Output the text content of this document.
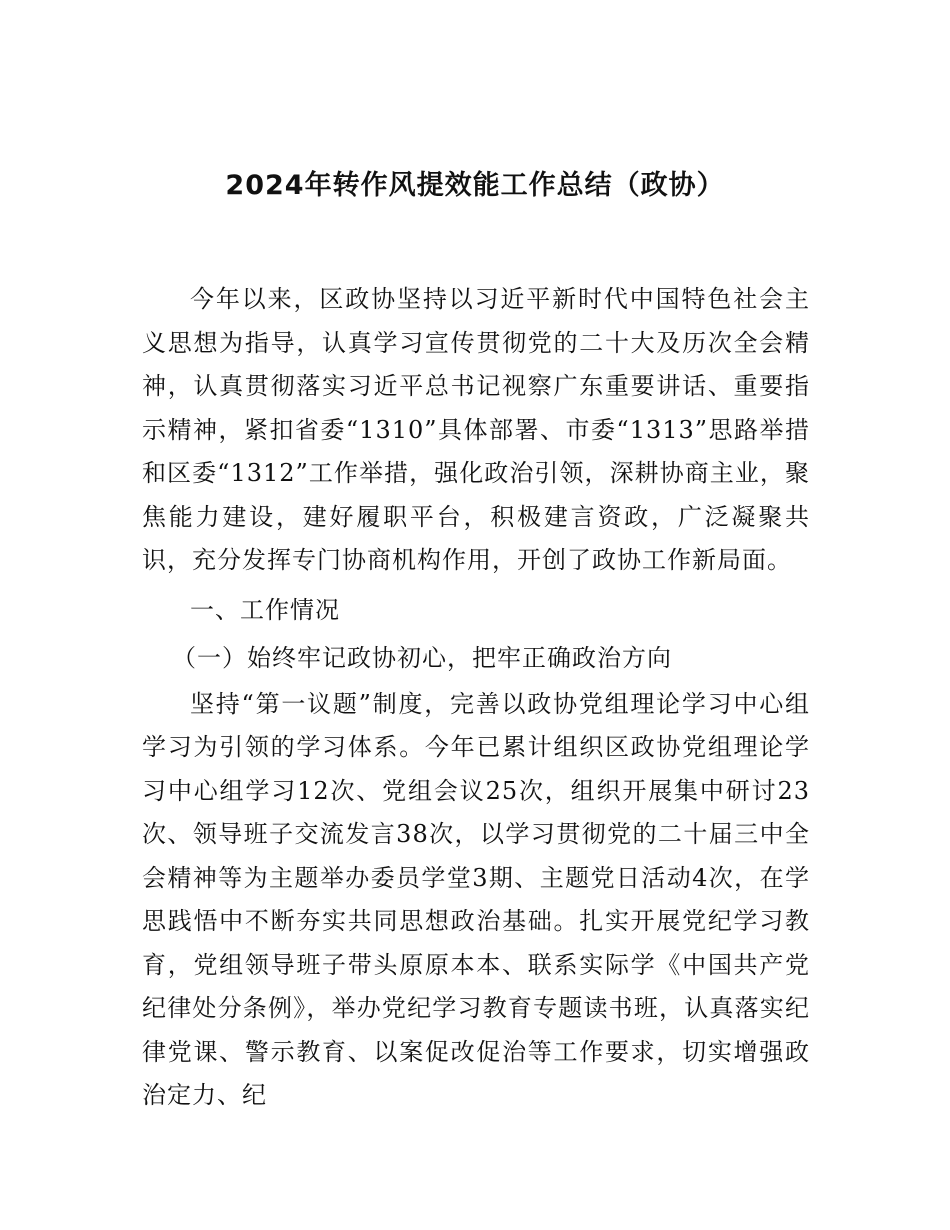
2024年转作风提效能工作总结（政协）

今年以来，区政协坚持以习近平新时代中国特色社会主义思想为指导，认真学习宣传贯彻党的二十大及历次全会精神，认真贯彻落实习近平总书记视察广东重要讲话、重要指示精神，紧扣省委“1310”具体部署、市委“1313”思路举措和区委“1312”工作举措，强化政治引领，深耕协商主业，聚焦能力建设，建好履职平台，积极建言资政，广泛凝聚共识，充分发挥专门协商机构作用，开创了政协工作新局面。

一、工作情况

（一）始终牢记政协初心，把牢正确政治方向

坚持“第一议题”制度，完善以政协党组理论学习中心组学习为引领的学习体系。今年已累计组织区政协党组理论学习中心组学习12次、党组会议25次，组织开展集中研讨23次、领导班子交流发言38次，以学习贯彻党的二十届三中全会精神等为主题举办委员学堂3期、主题党日活动4次，在学思践悟中不断夯实共同思想政治基础。扎实开展党纪学习教育，党组领导班子带头原原本本、联系实际学《中国共产党纪律处分条例》，举办党纪学习教育专题读书班，认真落实纪律党课、警示教育、以案促改促治等工作要求，切实增强政治定力、纪
